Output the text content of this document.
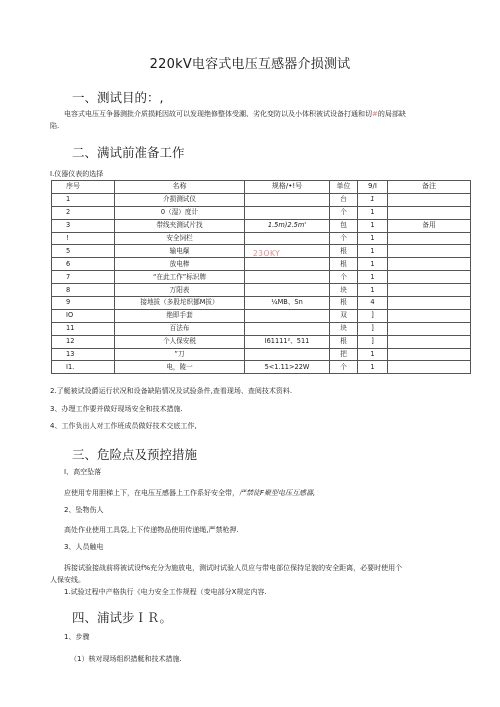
220kV电容式电压互感器介损测试
一、测试目的：,
电容式电压互争器测批介质损耗因故可以发现绝修整体受潮、劣化变防以及小体积被试设备打通和切#的局部缺
陷.
二、满试前准备工作
I.仪器仪表的选择
序号	名称	规格/•!号	单位	9/I	备注
1	介损测试仪		台	1	
2	0（湿）度计		个	1	
3	带线夹测试片找	1.5m)2.5m'	包	1	备用
!	安全饲栏		个	1	
5	输电爆		根	1	
6	放电棒		根	1	
7	“在此工作”标识牌		个	1	
8	万阳表		块	1	
9	接地拔（多股坨织挪M拔）	¼MB、Sn	根	4	
IO	绝即手套		双	]	
11	百法布		块	]	
12	个人保安税	I61111²、511	根	]	
13	”刀		把	1	
I1.	电，陵一	5<1.11>22W	个	1	
23OKY
2.了艇被试设爵运行状况和设备缺陷情况及试验条件,查看现场、查阅技术资料.
3、办理工作要并做好现场安全和技术措施.
4、工作负出人对工作班成员做好技术交底工作,
三、危险点及预控措施
I、高空坠落
应使用专用胆梯上下，在电压互感器上工作系好安全带，严禁徒F聚型电压互感器,
2、坠物伤人
高处作业使用工具袋,上下传递物品使用传递绳,严禁枪押.
3、人员触电
拆接试验接战前将被试设f%充分为施放电，测试时试验人员应与带电部位保持足貌的安全距离，必要时使用个
人保安线。
1.试验过程中产格执行《电力安全工作规程（变电部分X规定内容.
四、浦试步ＩＲ。
1、步骤
（1）核对现场组织措艇和技术措施.
